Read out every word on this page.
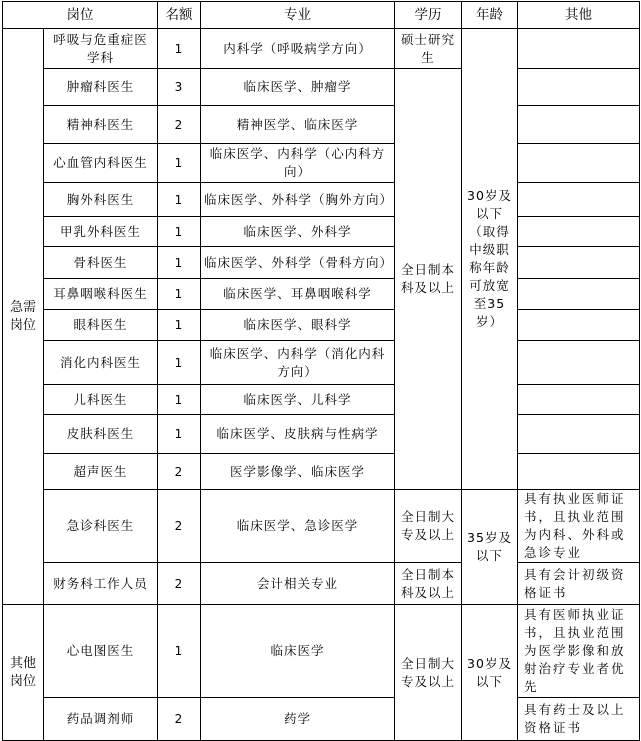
岗位		名额	专业	学历	年龄	其他
急需岗位	呼吸与危重症医学科	1	内科学（呼吸病学方向）	硕士研究生	30岁及以下（取得中级职称年龄可放宽至35岁）	
	肿瘤科医生	3	临床医学、肿瘤学	全日制本科及以上		
	精神科医生	2	精神医学、临床医学			
	心血管内科医生	1	临床医学、内科学（心内科方向）			
	胸外科医生	1	临床医学、外科学（胸外方向）			
	甲乳外科医生	1	临床医学、外科学			
	骨科医生	1	临床医学、外科学（骨科方向）			
	耳鼻咽喉科医生	1	临床医学、耳鼻咽喉科学			
	眼科医生	1	临床医学、眼科学			
	消化内科医生	1	临床医学、内科学（消化内科方向）			
	儿科医生	1	临床医学、儿科学			
	皮肤科医生	1	临床医学、皮肤病与性病学			
	超声医生	2	医学影像学、临床医学			
	急诊科医生	2	临床医学、急诊医学	全日制大专及以上	35岁及以下	具有执业医师证书，且执业范围为内科、外科或急诊专业
	财务科工作人员	2	会计相关专业	全日制本科及以上		具有会计初级资格证书
其他岗位	心电图医生	1	临床医学	全日制大专及以上	30岁及以下	具有医师执业证书，且执业范围为医学影像和放射治疗专业者优先
	药品调剂师	2	药学			具有药士及以上资格证书
